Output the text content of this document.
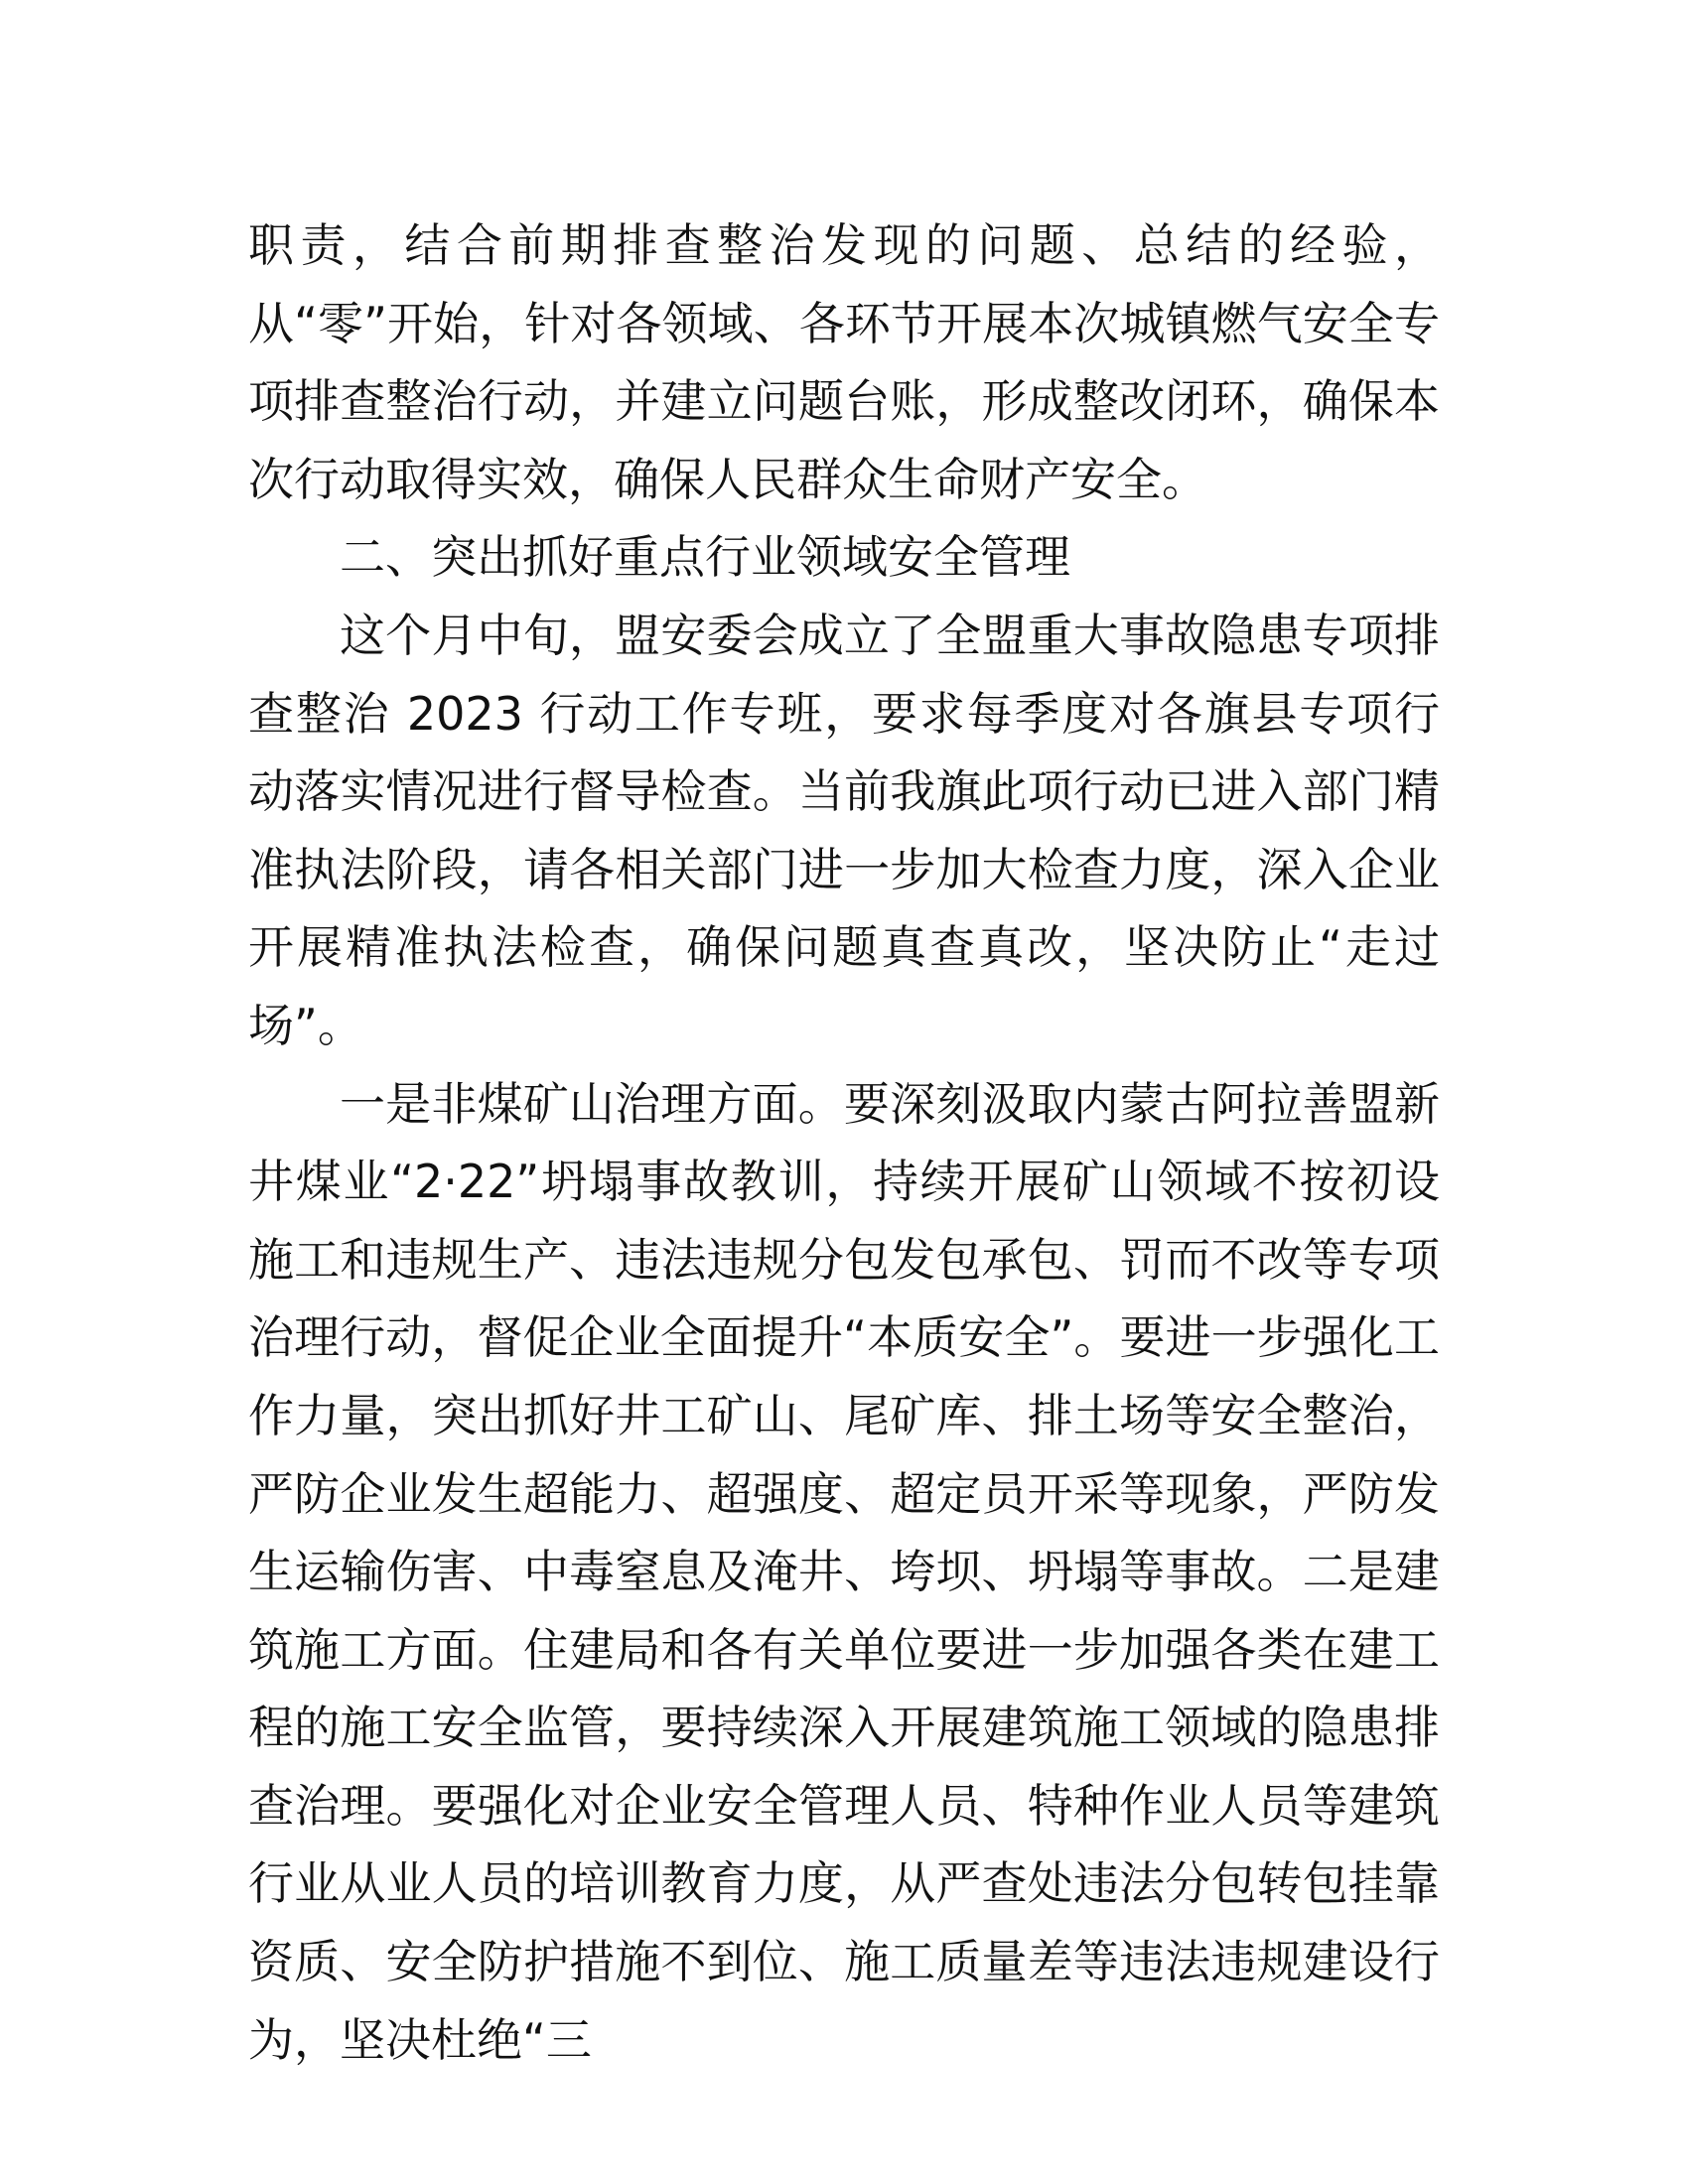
职责，结合前期排查整治发现的问题、总结的经验，从“零”开始，针对各领域、各环节开展本次城镇燃气安全专项排查整治行动，并建立问题台账，形成整改闭环，确保本次行动取得实效，确保人民群众生命财产安全。

二、突出抓好重点行业领域安全管理

这个月中旬，盟安委会成立了全盟重大事故隐患专项排查整治 2023 行动工作专班，要求每季度对各旗县专项行动落实情况进行督导检查。当前我旗此项行动已进入部门精准执法阶段，请各相关部门进一步加大检查力度，深入企业开展精准执法检查，确保问题真查真改，坚决防止“走过场”。

一是非煤矿山治理方面。要深刻汲取内蒙古阿拉善盟新井煤业“2·22”坍塌事故教训，持续开展矿山领域不按初设施工和违规生产、违法违规分包发包承包、罚而不改等专项治理行动，督促企业全面提升“本质安全”。要进一步强化工作力量，突出抓好井工矿山、尾矿库、排土场等安全整治，严防企业发生超能力、超强度、超定员开采等现象，严防发生运输伤害、中毒窒息及淹井、垮坝、坍塌等事故。二是建筑施工方面。住建局和各有关单位要进一步加强各类在建工程的施工安全监管，要持续深入开展建筑施工领域的隐患排查治理。要强化对企业安全管理人员、特种作业人员等建筑行业从业人员的培训教育力度，从严查处违法分包转包挂靠资质、安全防护措施不到位、施工质量差等违法违规建设行为，坚决杜绝“三
